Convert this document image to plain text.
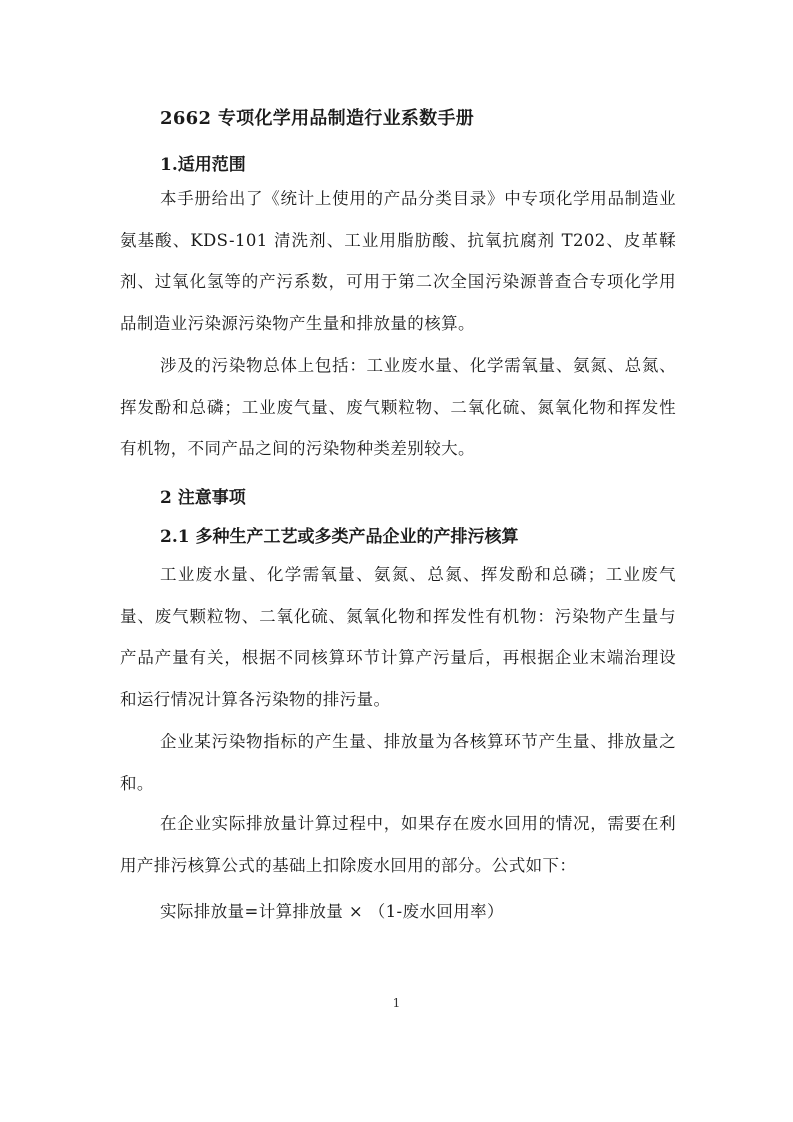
2662 专项化学用品制造行业系数手册
1.适用范围

本手册给出了《统计上使用的产品分类目录》中专项化学用品制造业氨基酸、KDS-101 清洗剂、工业用脂肪酸、抗氧抗腐剂 T202、皮革鞣剂、过氧化氢等的产污系数，可用于第二次全国污染源普查合专项化学用品制造业污染源污染物产生量和排放量的核算。

涉及的污染物总体上包括：工业废水量、化学需氧量、氨氮、总氮、挥发酚和总磷；工业废气量、废气颗粒物、二氧化硫、氮氧化物和挥发性有机物，不同产品之间的污染物种类差别较大。

2 注意事项
2.1 多种生产工艺或多类产品企业的产排污核算

工业废水量、化学需氧量、氨氮、总氮、挥发酚和总磷；工业废气量、废气颗粒物、二氧化硫、氮氧化物和挥发性有机物：污染物产生量与产品产量有关，根据不同核算环节计算产污量后，再根据企业末端治理设和运行情况计算各污染物的排污量。

企业某污染物指标的产生量、排放量为各核算环节产生量、排放量之和。

在企业实际排放量计算过程中，如果存在废水回用的情况，需要在利用产排污核算公式的基础上扣除废水回用的部分。公式如下：

实际排放量=计算排放量 × （1-废水回用率）
1
